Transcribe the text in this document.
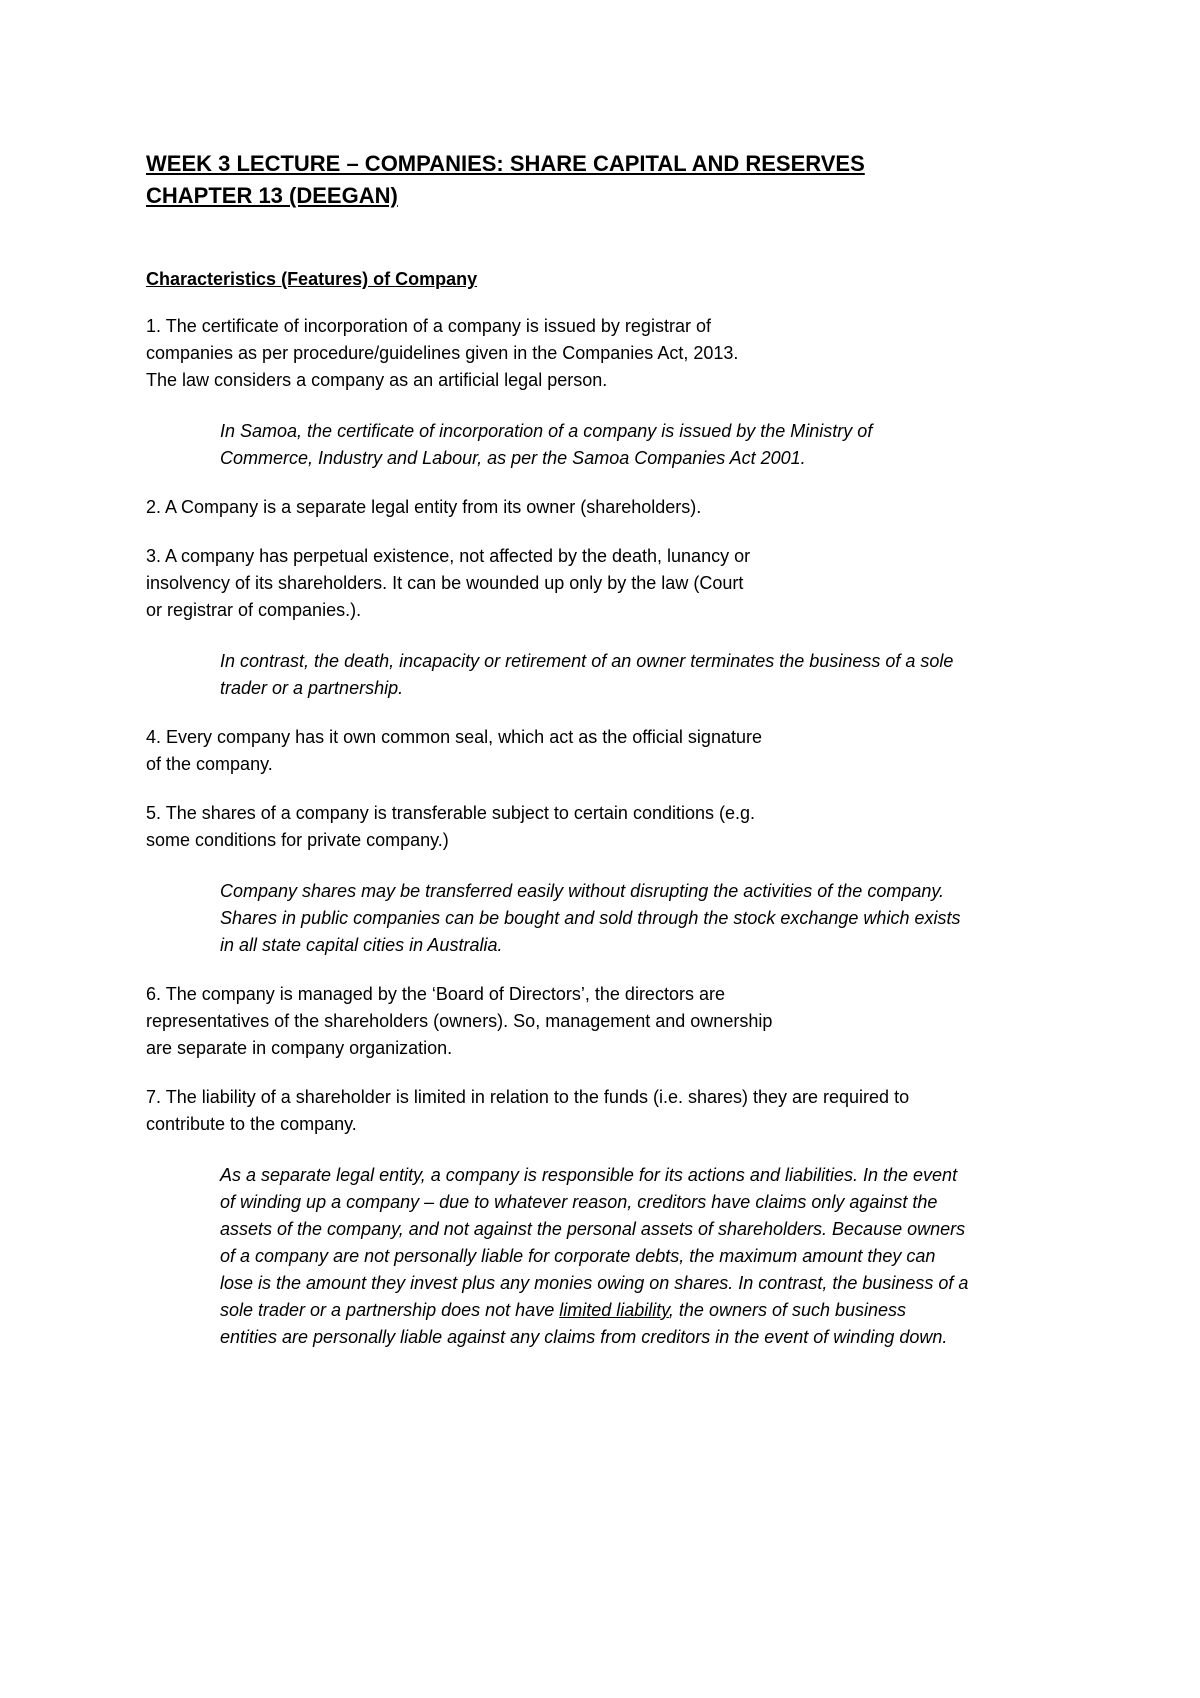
WEEK 3 LECTURE – COMPANIES: SHARE CAPITAL AND RESERVES
CHAPTER 13 (DEEGAN)
Characteristics (Features) of Company
1. The certificate of incorporation of a company is issued by registrar of
companies as per procedure/guidelines given in the Companies Act, 2013.
The law considers a company as an artificial legal person.
In Samoa, the certificate of incorporation of a company is issued by the Ministry of
Commerce, Industry and Labour, as per the Samoa Companies Act 2001.
2. A Company is a separate legal entity from its owner (shareholders).
3. A company has perpetual existence, not affected by the death, lunancy or
insolvency of its shareholders. It can be wounded up only by the law (Court
or registrar of companies.).
In contrast, the death, incapacity or retirement of an owner terminates the business of a sole
trader or a partnership.
4. Every company has it own common seal, which act as the official signature
of the company.
5. The shares of a company is transferable subject to certain conditions (e.g.
some conditions for private company.)
Company shares may be transferred easily without disrupting the activities of the company.
Shares in public companies can be bought and sold through the stock exchange which exists
in all state capital cities in Australia.
6. The company is managed by the ‘Board of Directors’, the directors are
representatives of the shareholders (owners). So, management and ownership
are separate in company organization.
7. The liability of a shareholder is limited in relation to the funds (i.e. shares) they are required to
contribute to the company.
As a separate legal entity, a company is responsible for its actions and liabilities. In the event
of winding up a company – due to whatever reason, creditors have claims only against the
assets of the company, and not against the personal assets of shareholders. Because owners
of a company are not personally liable for corporate debts, the maximum amount they can
lose is the amount they invest plus any monies owing on shares. In contrast, the business of a
sole trader or a partnership does not have limited liability, the owners of such business
entities are personally liable against any claims from creditors in the event of winding down.
